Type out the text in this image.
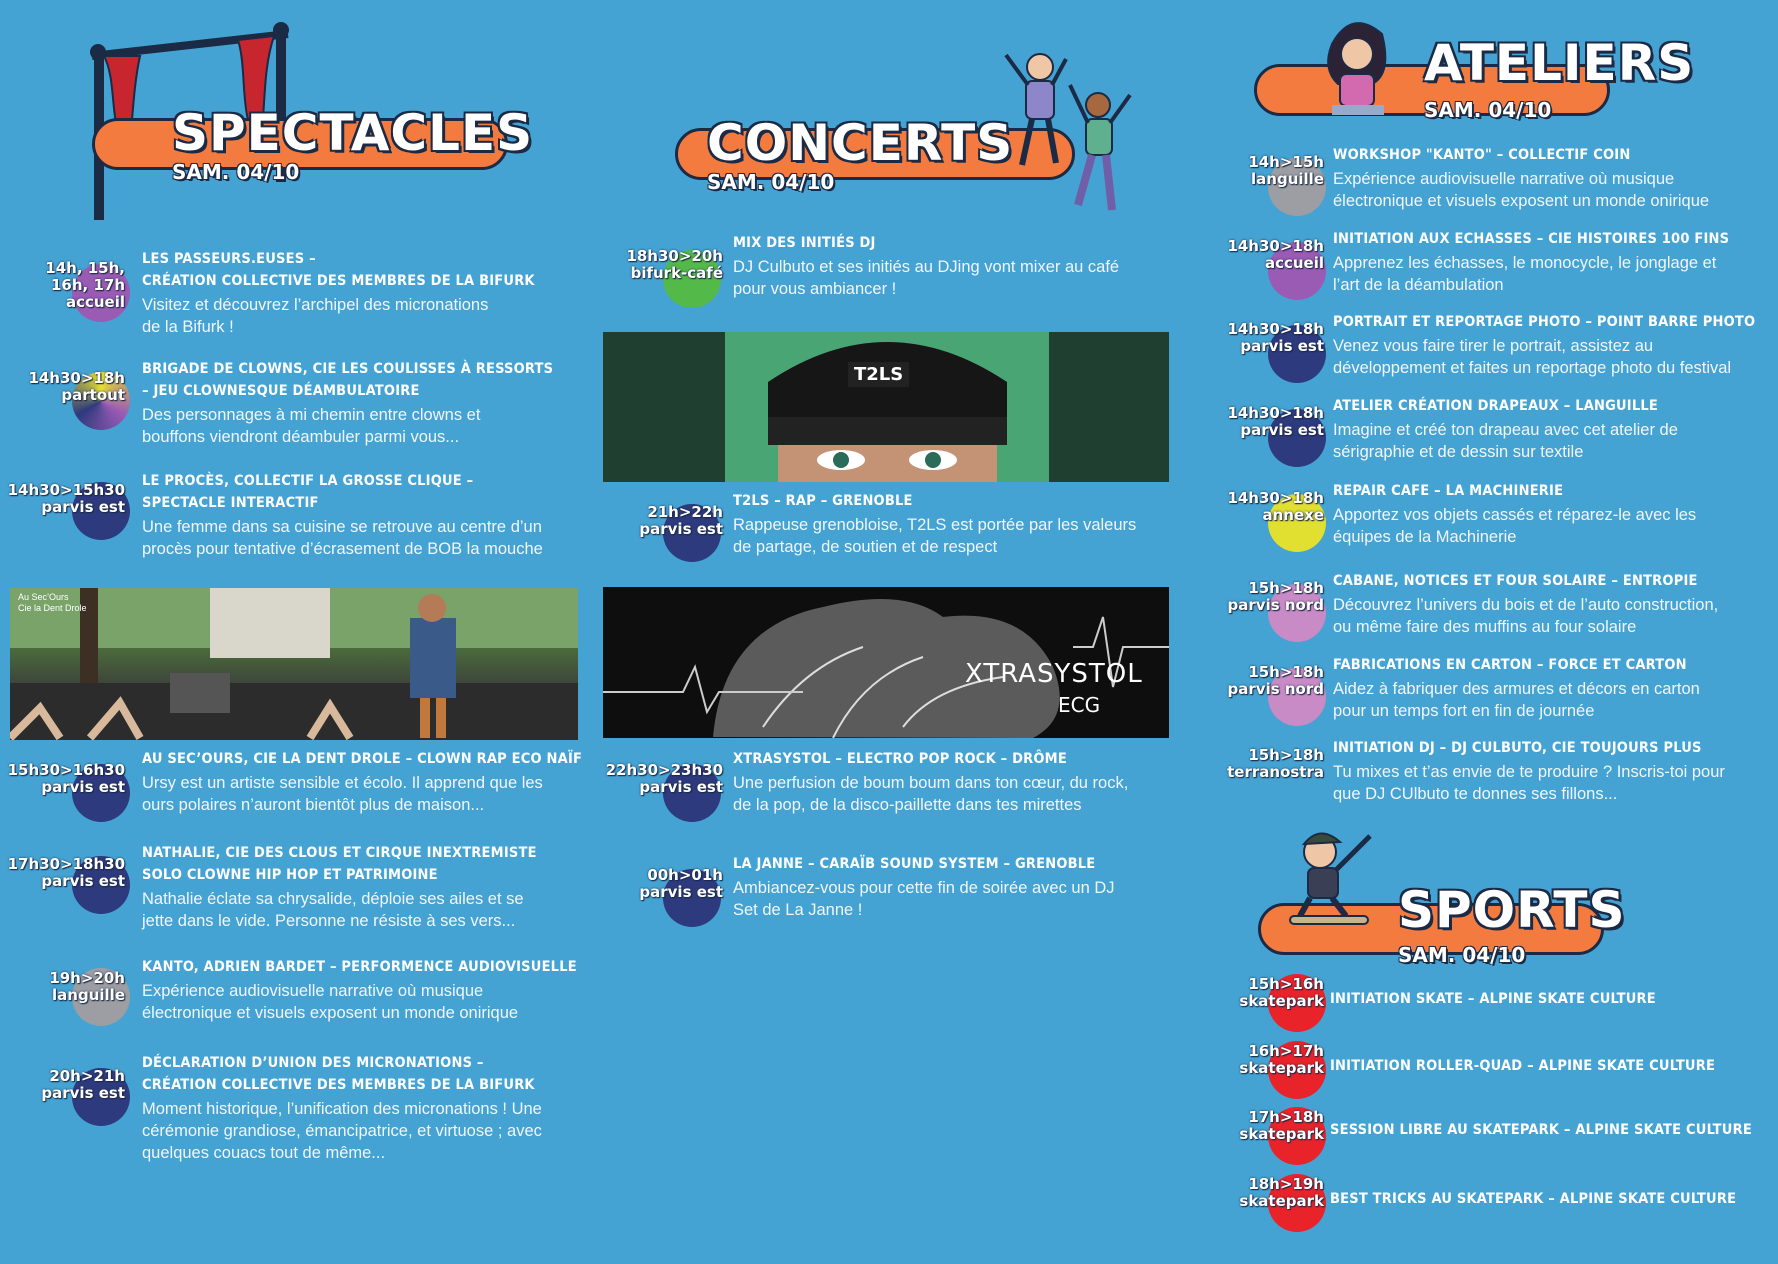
SPECTACLES
SAM. 04/10
14h, 15h,
16h, 17h
accueil
LES PASSEURS.EUSES –
CRÉATION COLLECTIVE DES MEMBRES DE LA BIFURK
Visitez et découvrez l’archipel des micronations
de la Bifurk !
14h30>18h
partout
BRIGADE DE CLOWNS, CIE LES COULISSES À RESSORTS
– JEU CLOWNESQUE DÉAMBULATOIRE
Des personnages à mi chemin entre clowns et
bouffons viendront déambuler parmi vous...
14h30>15h30
parvis est
LE PROCÈS, COLLECTIF LA GROSSE CLIQUE –
SPECTACLE INTERACTIF
Une femme dans sa cuisine se retrouve au centre d’un
procès pour tentative d’écrasement de BOB la mouche
Au Sec’Ours
Cie la Dent Drole
15h30>16h30
parvis est
AU SEC’OURS, CIE LA DENT DROLE – CLOWN RAP ECO NAÏF
Ursy est un artiste sensible et écolo. Il apprend que les
ours polaires n’auront bientôt plus de maison...
17h30>18h30
parvis est
NATHALIE, CIE DES CLOUS ET CIRQUE INEXTREMISTE
SOLO CLOWNE HIP HOP ET PATRIMOINE
Nathalie éclate sa chrysalide, déploie ses ailes et se
jette dans le vide. Personne ne résiste à ses vers...
19h>20h
languille
KANTO, ADRIEN BARDET – PERFORMENCE AUDIOVISUELLE
Expérience audiovisuelle narrative où musique
électronique et visuels exposent un monde onirique
20h>21h
parvis est
DÉCLARATION D’UNION DES MICRONATIONS –
CRÉATION COLLECTIVE DES MEMBRES DE LA BIFURK
Moment historique, l’unification des micronations ! Une
cérémonie grandiose, émancipatrice, et virtuose ; avec
quelques couacs tout de même...
CONCERTS
SAM. 04/10
18h30>20h
bifurk-café
MIX DES INITIÉS DJ
DJ Culbuto et ses initiés au DJing vont mixer au café
pour vous ambiancer !
T2LS
21h>22h
parvis est
T2LS – RAP – GRENOBLE
Rappeuse grenobloise, T2LS est portée par les valeurs
de partage, de soutien et de respect
XTRASYSTOL
ECG
22h30>23h30
parvis est
XTRASYSTOL – ELECTRO POP ROCK – DRÔME
Une perfusion de boum boum dans ton cœur, du rock,
de la pop, de la disco-paillette dans tes mirettes
00h>01h
parvis est
LA JANNE – CARAÏB SOUND SYSTEM – GRENOBLE
Ambiancez-vous pour cette fin de soirée avec un DJ
Set de La Janne !
ATELIERS
SAM. 04/10
14h>15h
languille
WORKSHOP "KANTO" – COLLECTIF COIN
Expérience audiovisuelle narrative où musique
électronique et visuels exposent un monde onirique
14h30>18h
accueil
INITIATION AUX ECHASSES – CIE HISTOIRES 100 FINS
Apprenez les échasses, le monocycle, le jonglage et
l’art de la déambulation
14h30>18h
parvis est
PORTRAIT ET REPORTAGE PHOTO – POINT BARRE PHOTO
Venez vous faire tirer le portrait, assistez au
développement et faites un reportage photo du festival
14h30>18h
parvis est
ATELIER CRÉATION DRAPEAUX – LANGUILLE
Imagine et créé ton drapeau avec cet atelier de
sérigraphie et de dessin sur textile
14h30>18h
annexe
REPAIR CAFE – LA MACHINERIE
Apportez vos objets cassés et réparez-le avec les
équipes de la Machinerie
15h>18h
parvis nord
CABANE, NOTICES ET FOUR SOLAIRE – ENTROPIE
Découvrez l’univers du bois et de l’auto construction,
ou même faire des muffins au four solaire
15h>18h
parvis nord
FABRICATIONS EN CARTON – FORCE ET CARTON
Aidez à fabriquer des armures et décors en carton
pour un temps fort en fin de journée
15h>18h
terranostra
INITIATION DJ – DJ CULBUTO, CIE TOUJOURS PLUS
Tu mixes et t’as envie de te produire ? Inscris-toi pour
que DJ CUlbuto te donnes ses fillons...
SPORTS
SAM. 04/10
15h>16h
skatepark INITIATION SKATE – ALPINE SKATE CULTURE
16h>17h
skatepark INITIATION ROLLER-QUAD – ALPINE SKATE CULTURE
17h>18h
skatepark SESSION LIBRE AU SKATEPARK – ALPINE SKATE CULTURE
18h>19h
skatepark BEST TRICKS AU SKATEPARK – ALPINE SKATE CULTURE
